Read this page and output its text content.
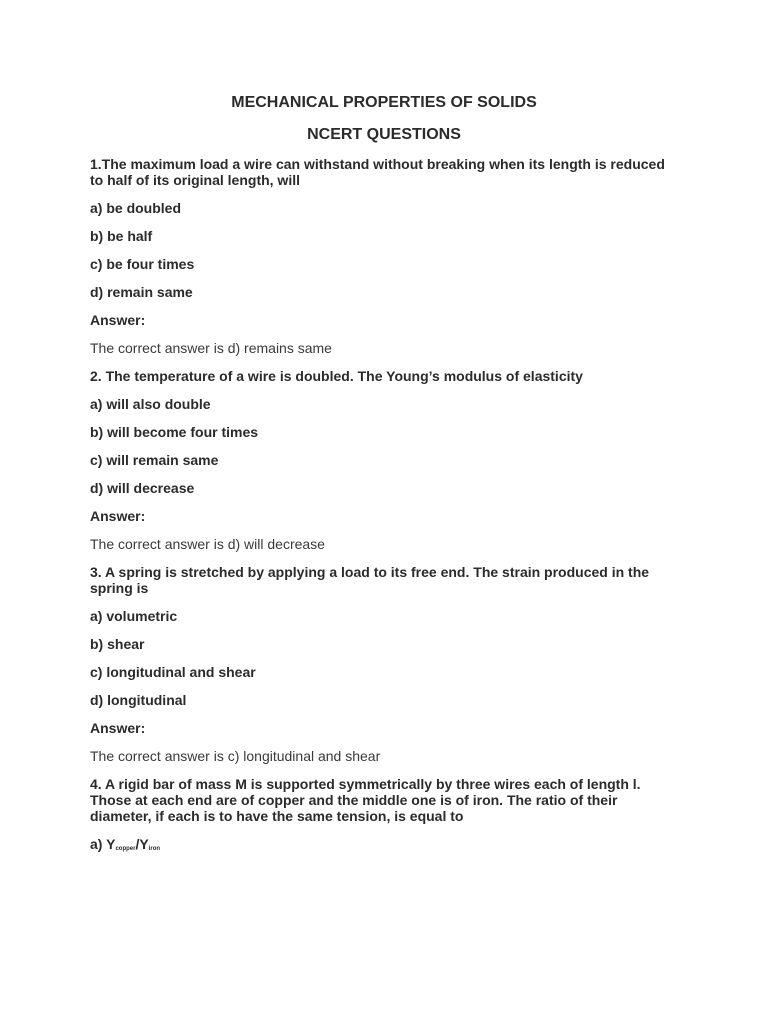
MECHANICAL PROPERTIES OF SOLIDS
NCERT QUESTIONS

1.The maximum load a wire can withstand without breaking when its length is reduced to half of its original length, will

a) be doubled

b) be half

c) be four times

d) remain same

Answer:

The correct answer is d) remains same

2. The temperature of a wire is doubled. The Young’s modulus of elasticity

a) will also double

b) will become four times

c) will remain same

d) will decrease

Answer:

The correct answer is d) will decrease

3. A spring is stretched by applying a load to its free end. The strain produced in the spring is

a) volumetric

b) shear

c) longitudinal and shear

d) longitudinal

Answer:

The correct answer is c) longitudinal and shear

4. A rigid bar of mass M is supported symmetrically by three wires each of length l. Those at each end are of copper and the middle one is of iron. The ratio of their diameter, if each is to have the same tension, is equal to

a) $Y_{copper}/Y_{iron}$
